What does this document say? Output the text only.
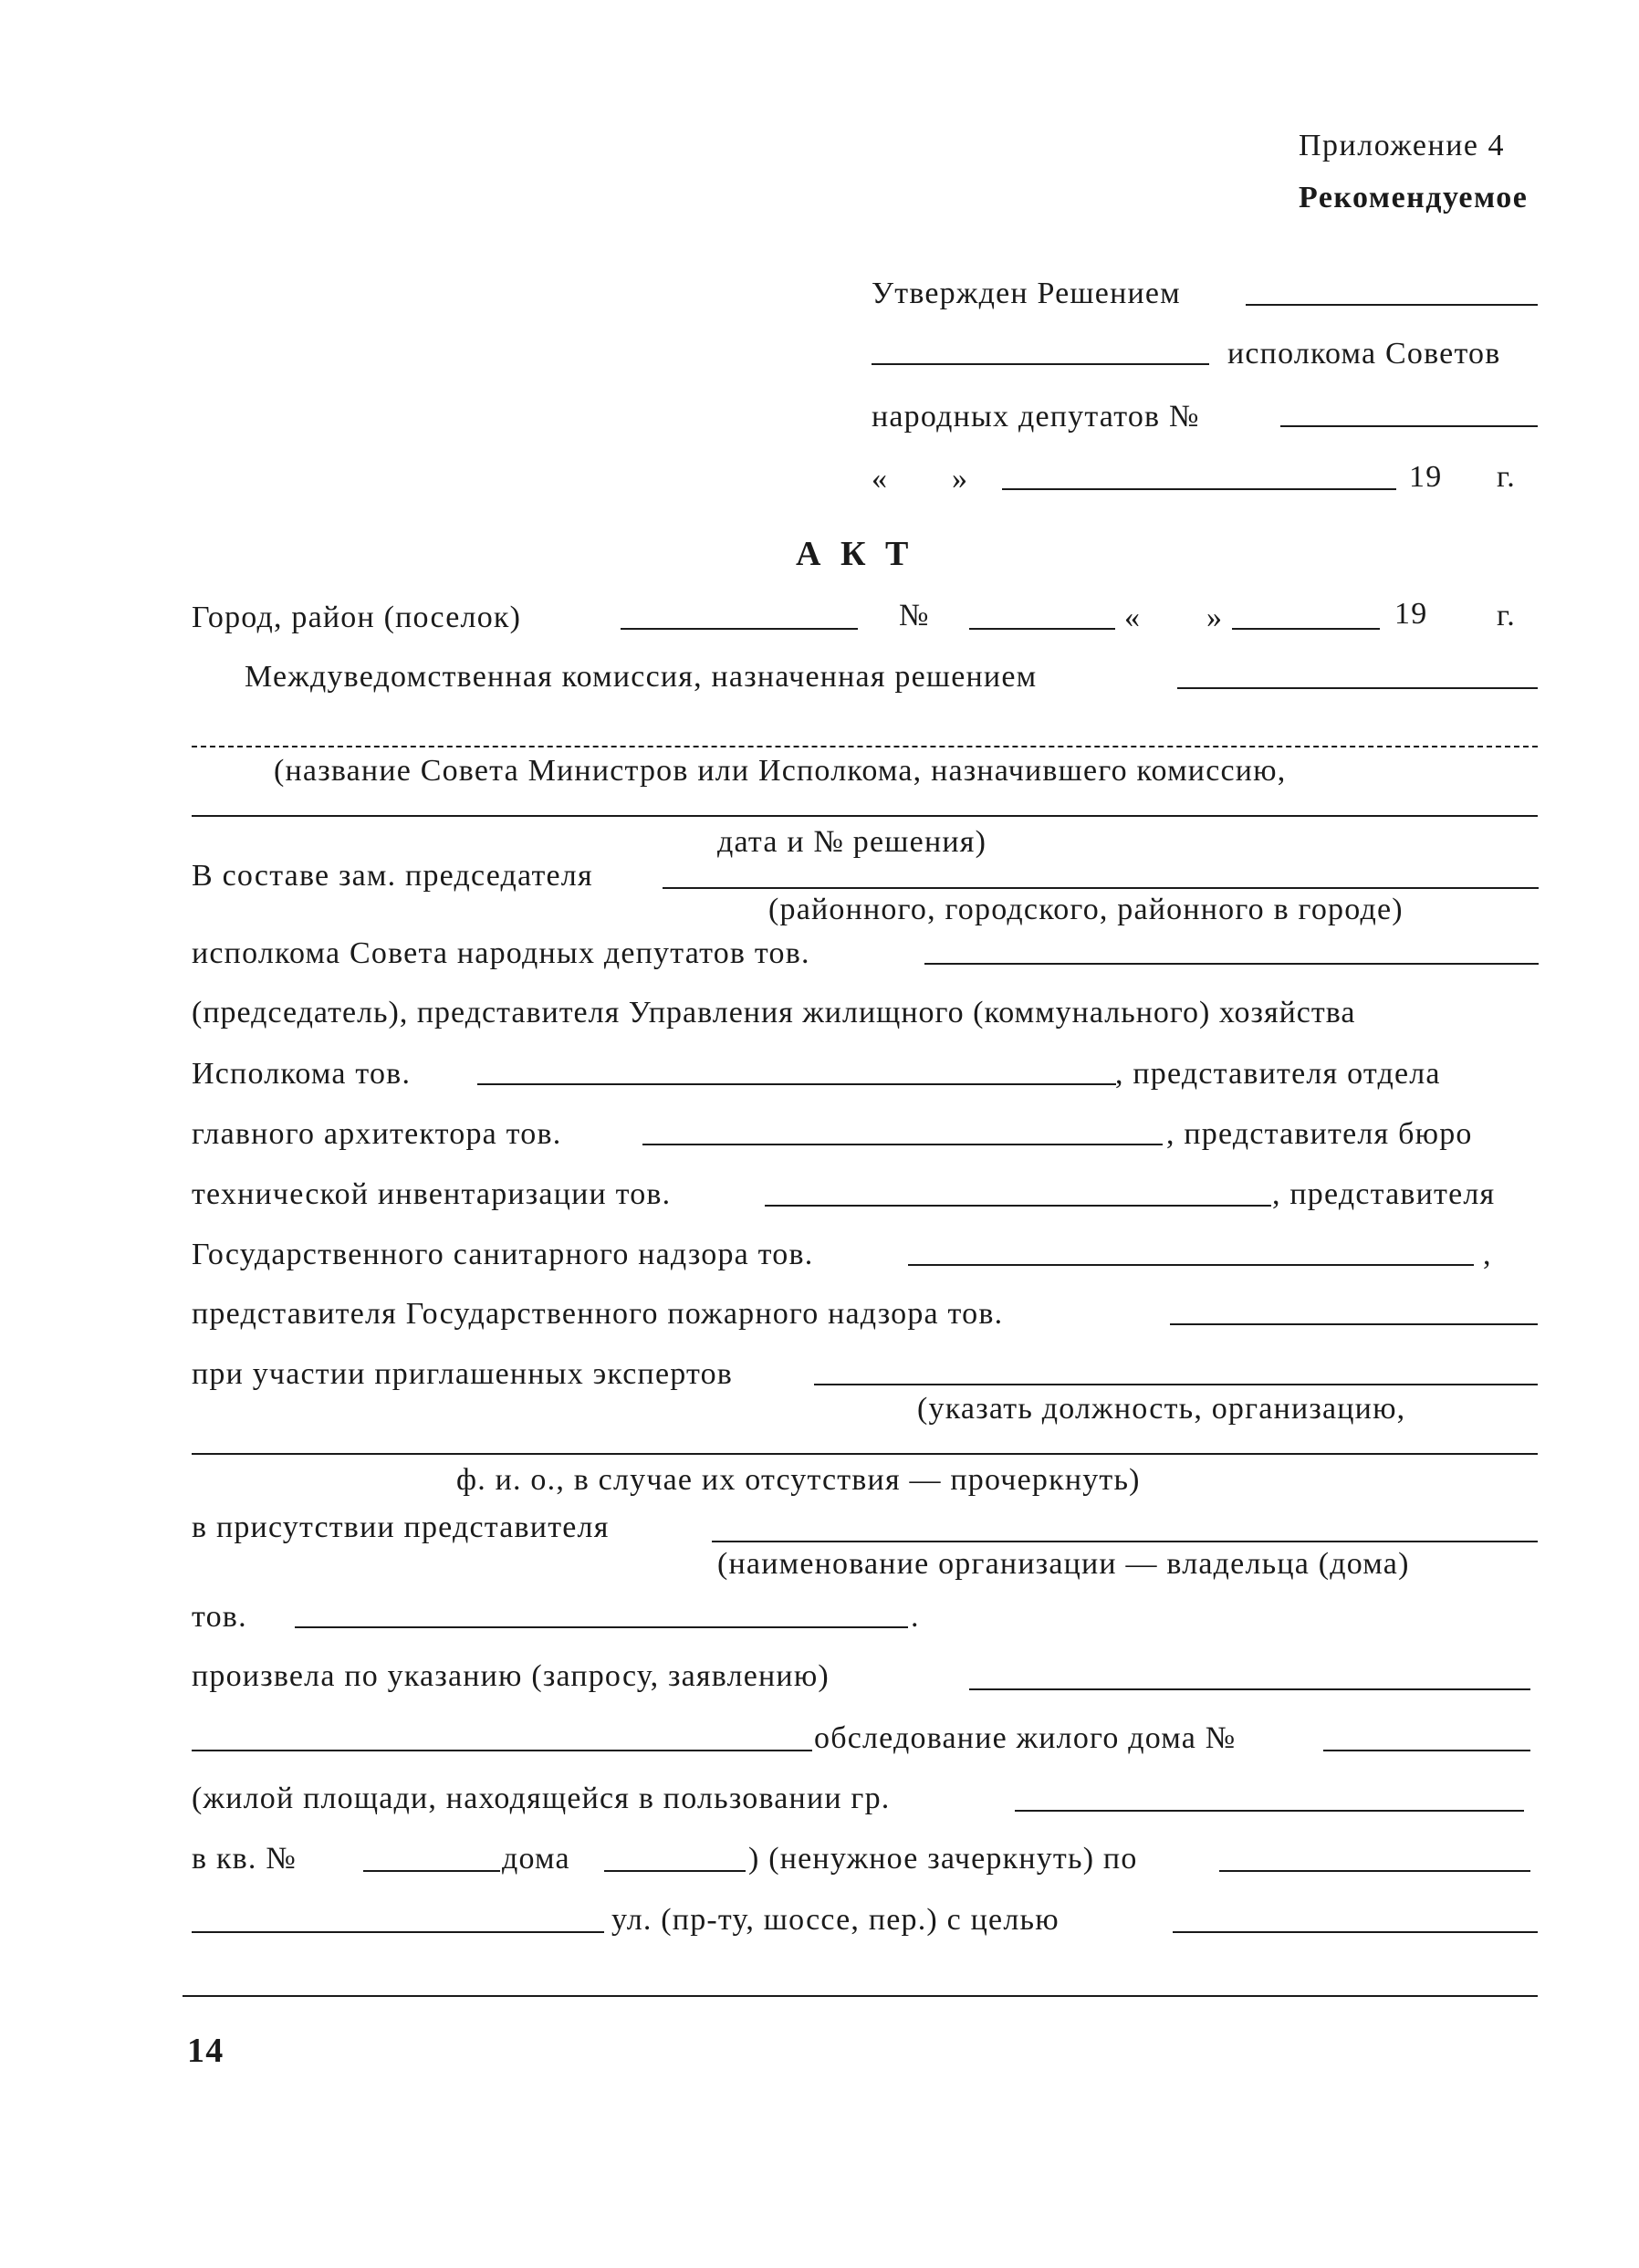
Приложение 4
Рекомендуемое
Утвержден Решением
исполкома Советов
народных депутатов №
« »	19 г.
А К Т
Город, район (поселок)	№	« »	19 г.
Междуведомственная комиссия, назначенная решением
(название Совета Министров или Исполкома, назначившего комиссию,
дата и № решения)
В составе зам. председателя
(районного, городского, районного в городе)
исполкома Совета народных депутатов тов.
(председатель), представителя Управления жилищного (коммунального) хозяйства
Исполкома тов.	, представителя отдела
главного архитектора тов.	, представителя бюро
технической инвентаризации тов.	, представителя
Государственного санитарного надзора тов.	,
представителя Государственного пожарного надзора тов.
при участии приглашенных экспертов
(указать должность, организацию,
ф. и. о., в случае их отсутствия — прочеркнуть)
в присутствии представителя
(наименование организации — владельца (дома)
тов.	.
произвела по указанию (запросу, заявлению)
обследование жилого дома №
(жилой площади, находящейся в пользовании гр.
в кв. №	дома	) (ненужное зачеркнуть) по
ул. (пр-ту, шоссе, пер.) с целью
14
